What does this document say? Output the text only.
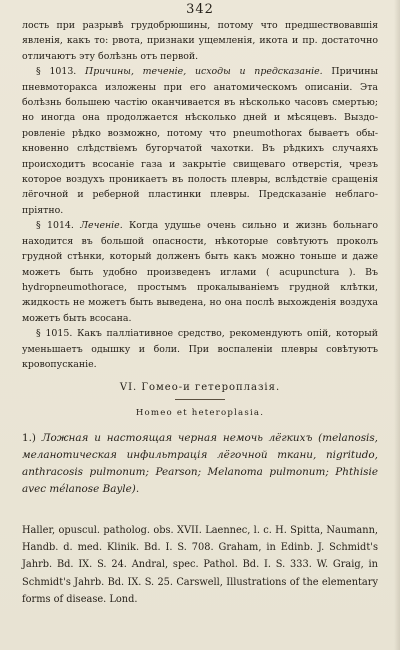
342

лость при разрывѣ грудобрюшины, потому что предшествовавшія явленія, какъ то: рвота, признаки ущемленія, икота и пр. достаточно отличаютъ эту болѣзнь отъ первой.

§ 1013. Причины, теченіе, исходы и предсказаніе. Причины пневмоторакса изложены при его анатомическомъ описаніи. Эта болѣзнь большею частію оканчивается въ нѣсколько часовъ смертью; но иногда она продолжается нѣсколько дней и мѣсяцевъ. Выздоровленіе рѣдко возможно, потому что pneumothorax бываетъ обыкновенно слѣдствіемъ бугорчатой чахотки. Въ рѣдкихъ случаяхъ происходитъ всосаніе газа и закрытіе свищеваго отверстія, чрезъ которое воздухъ проникаетъ въ полость плевры, вслѣдствіе сращенія лёгочной и реберной пластинки плевры. Предсказаніе неблагопріятно.

§ 1014. Леченіе. Когда удушье очень сильно и жизнь больнаго находится въ большой опасности, нѣкоторые совѣтуютъ проколъ грудной стѣнки, который долженъ быть какъ можно тоньше и даже можетъ быть удобно произведенъ иглами ( acupunctura ). Въ hydropneumothorace, простымъ прокалываніемъ грудной клѣтки, жидкость не можетъ быть выведена, но она послѣ выхожденія воздуха можетъ быть всосана.

§ 1015. Какъ паллiативное средство, рекомендуютъ опій, который уменьшаетъ одышку и боли. При воспаленіи плевры совѣтуютъ кровопусканіе.

VI. Гомео-и гетероплазія.
Homeo et heteroplasia.
1.) Ложная и настоящая черная немочь лёгкихъ (melanosis, меланотическая инфильтрація лёгочной ткани, nigritudo, anthracosis pulmonum; Pearson; Melanoma pulmonum; Phthisie avec mélanose Bayle).
Haller, opuscul. patholog. obs. XVII. Laennec, l. c. H. Spitta, Naumann, Handb. d. med. Klinik. Bd. I. S. 708. Graham, in Edinb. J. Schmidt's Jahrb. Bd. IX. S. 24. Andral, spec. Pathol. Bd. I. S. 333. W. Graig, in Schmidt's Jahrb. Bd. IX. S. 25. Carswell, Illustrations of the elementary forms of disease. Lond.
